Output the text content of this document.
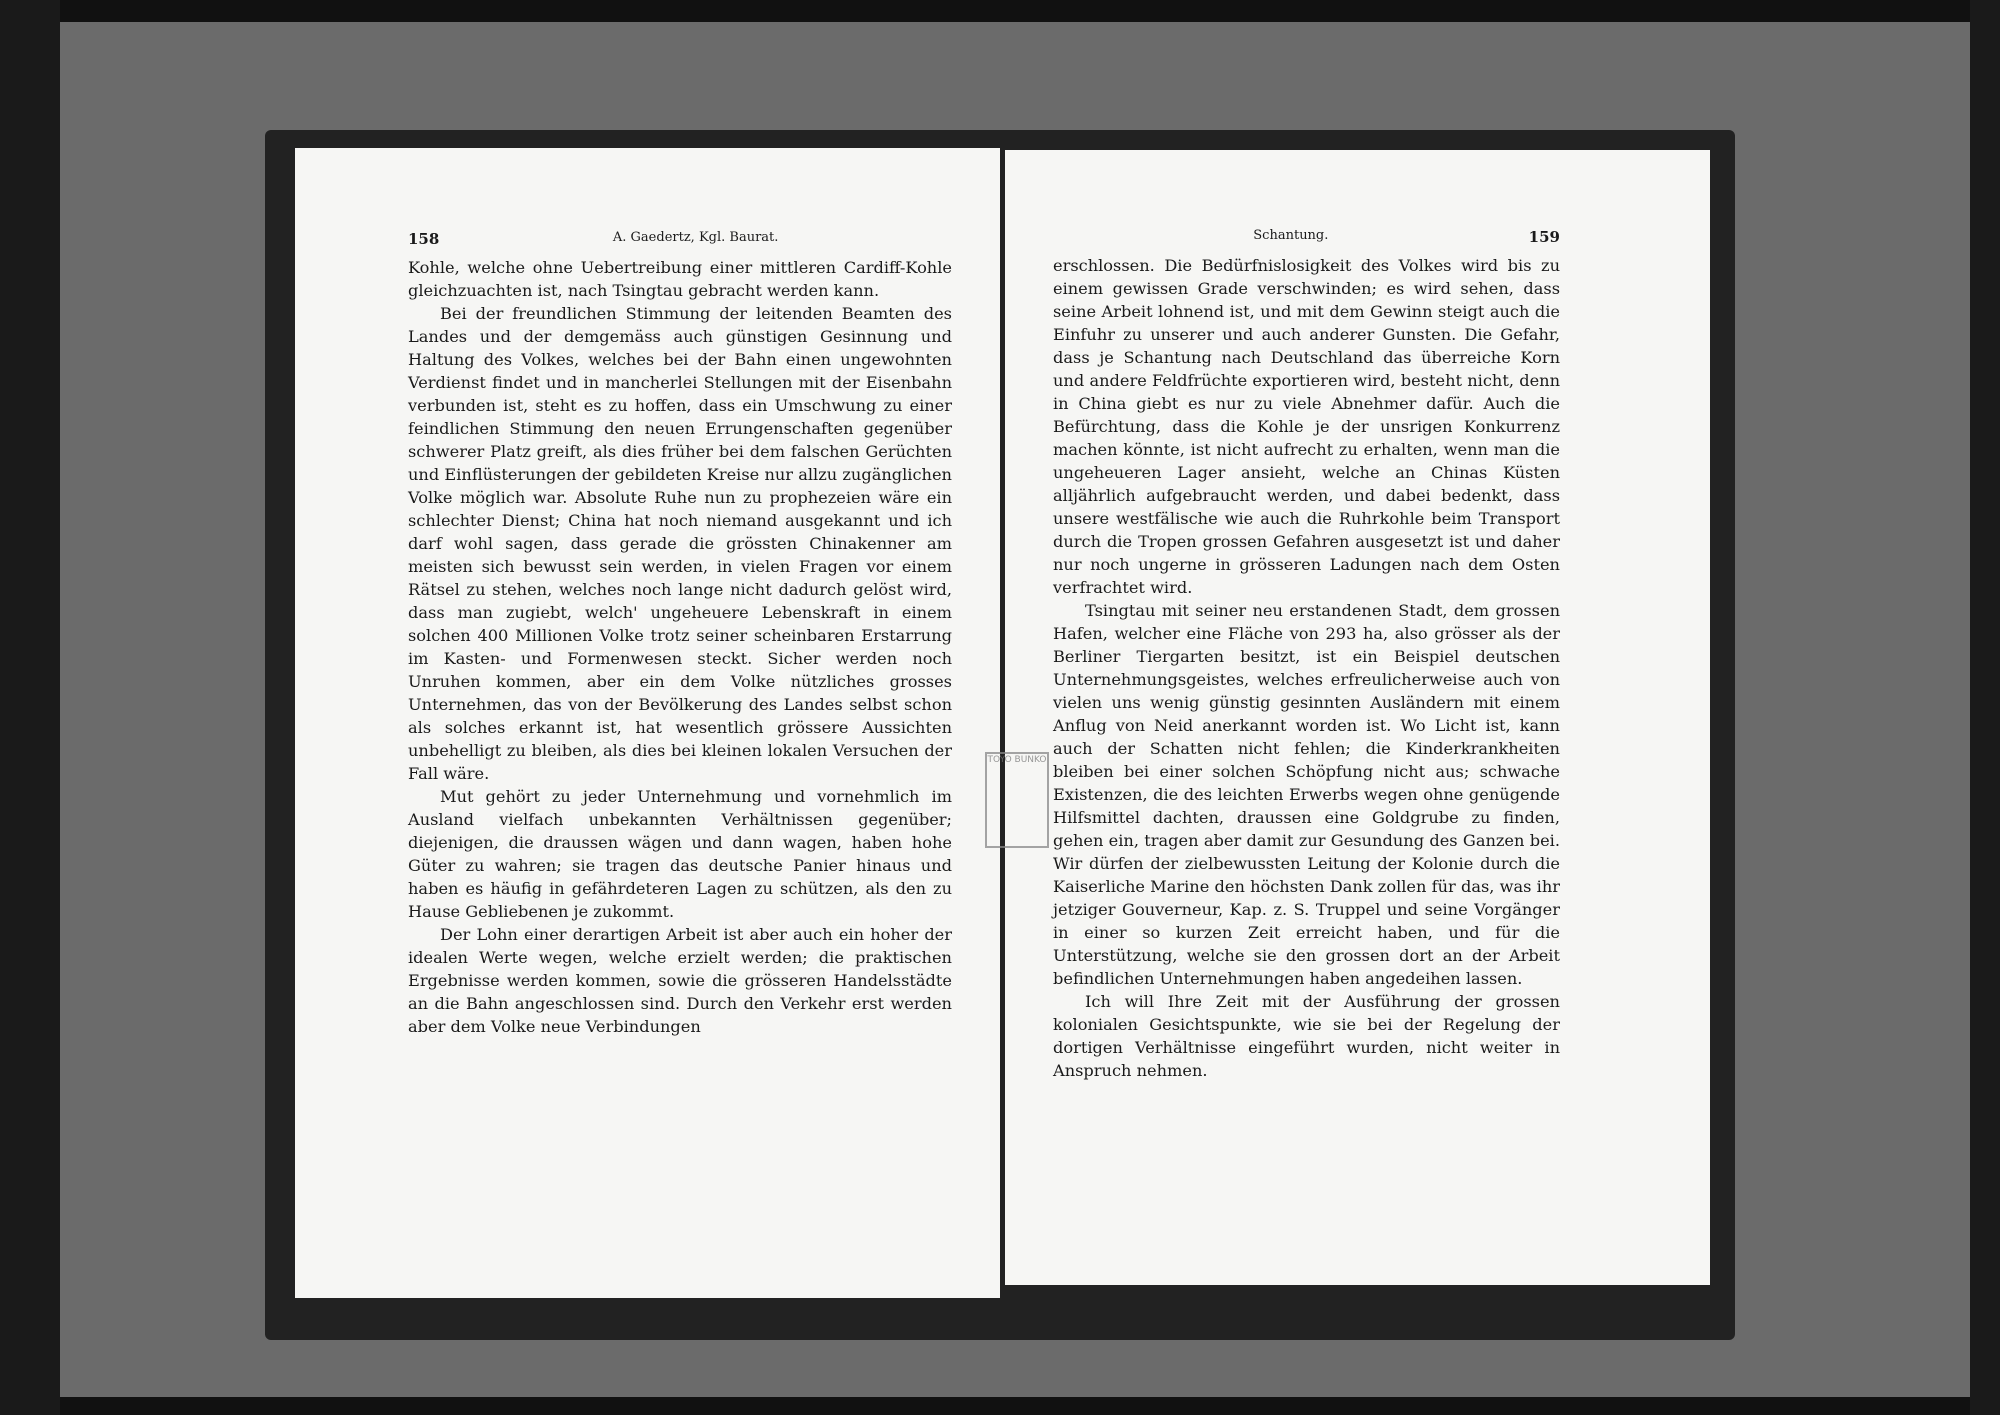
158	A. Gaedertz, Kgl. Baurat.

Kohle, welche ohne Uebertreibung einer mittleren Cardiff-Kohle gleichzuachten ist, nach Tsingtau gebracht werden kann.

Bei der freundlichen Stimmung der leitenden Beamten des Landes und der demgemäss auch günstigen Gesinnung und Haltung des Volkes, welches bei der Bahn einen ungewohnten Verdienst findet und in mancherlei Stellungen mit der Eisenbahn verbunden ist, steht es zu hoffen, dass ein Umschwung zu einer feindlichen Stimmung den neuen Errungenschaften gegenüber schwerer Platz greift, als dies früher bei dem falschen Gerüchten und Einflüsterungen der gebildeten Kreise nur allzu zugänglichen Volke möglich war. Absolute Ruhe nun zu prophezeien wäre ein schlechter Dienst; China hat noch niemand ausgekannt und ich darf wohl sagen, dass gerade die grössten Chinakenner am meisten sich bewusst sein werden, in vielen Fragen vor einem Rätsel zu stehen, welches noch lange nicht dadurch gelöst wird, dass man zugiebt, welch' ungeheuere Lebenskraft in einem solchen 400 Millionen Volke trotz seiner scheinbaren Erstarrung im Kasten- und Formenwesen steckt. Sicher werden noch Unruhen kommen, aber ein dem Volke nützliches grosses Unternehmen, das von der Bevölkerung des Landes selbst schon als solches erkannt ist, hat wesentlich grössere Aussichten unbehelligt zu bleiben, als dies bei kleinen lokalen Versuchen der Fall wäre.

Mut gehört zu jeder Unternehmung und vornehmlich im Ausland vielfach unbekannten Verhältnissen gegenüber; diejenigen, die draussen wägen und dann wagen, haben hohe Güter zu wahren; sie tragen das deutsche Panier hinaus und haben es häufig in gefährdeteren Lagen zu schützen, als den zu Hause Gebliebenen je zukommt.

Der Lohn einer derartigen Arbeit ist aber auch ein hoher der idealen Werte wegen, welche erzielt werden; die praktischen Ergebnisse werden kommen, sowie die grösseren Handelsstädte an die Bahn angeschlossen sind. Durch den Verkehr erst werden aber dem Volke neue Verbindungen

Schantung.	159

erschlossen. Die Bedürfnislosigkeit des Volkes wird bis zu einem gewissen Grade verschwinden; es wird sehen, dass seine Arbeit lohnend ist, und mit dem Gewinn steigt auch die Einfuhr zu unserer und auch anderer Gunsten. Die Gefahr, dass je Schantung nach Deutschland das überreiche Korn und andere Feldfrüchte exportieren wird, besteht nicht, denn in China giebt es nur zu viele Abnehmer dafür. Auch die Befürchtung, dass die Kohle je der unsrigen Konkurrenz machen könnte, ist nicht aufrecht zu erhalten, wenn man die ungeheueren Lager ansieht, welche an Chinas Küsten alljährlich aufgebraucht werden, und dabei bedenkt, dass unsere westfälische wie auch die Ruhrkohle beim Transport durch die Tropen grossen Gefahren ausgesetzt ist und daher nur noch ungerne in grösseren Ladungen nach dem Osten verfrachtet wird.

Tsingtau mit seiner neu erstandenen Stadt, dem grossen Hafen, welcher eine Fläche von 293 ha, also grösser als der Berliner Tiergarten besitzt, ist ein Beispiel deutschen Unternehmungsgeistes, welches erfreulicherweise auch von vielen uns wenig günstig gesinnten Ausländern mit einem Anflug von Neid anerkannt worden ist. Wo Licht ist, kann auch der Schatten nicht fehlen; die Kinderkrankheiten bleiben bei einer solchen Schöpfung nicht aus; schwache Existenzen, die des leichten Erwerbs wegen ohne genügende Hilfsmittel dachten, draussen eine Goldgrube zu finden, gehen ein, tragen aber damit zur Gesundung des Ganzen bei. Wir dürfen der zielbewussten Leitung der Kolonie durch die Kaiserliche Marine den höchsten Dank zollen für das, was ihr jetziger Gouverneur, Kap. z. S. Truppel und seine Vorgänger in einer so kurzen Zeit erreicht haben, und für die Unterstützung, welche sie den grossen dort an der Arbeit befindlichen Unternehmungen haben angedeihen lassen.

Ich will Ihre Zeit mit der Ausführung der grossen kolonialen Gesichtspunkte, wie sie bei der Regelung der dortigen Verhältnisse eingeführt wurden, nicht weiter in Anspruch nehmen.

TOYO BUNKO
